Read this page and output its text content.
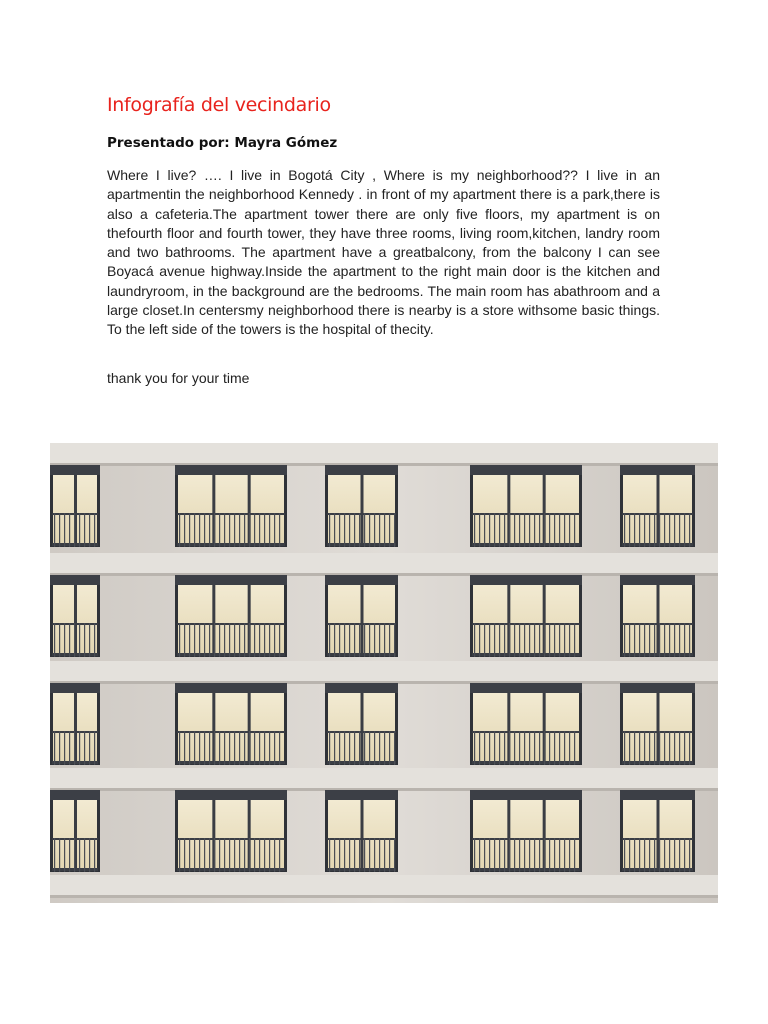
Infografía del vecindario
Presentado por: Mayra Gómez

Where I live? …. I live in Bogotá City , Where is my neighborhood?? I live in an apartmentin the neighborhood Kennedy . in front of my apartment there is a park,there is also a cafeteria.The apartment tower there are only five floors, my apartment is on thefourth floor and fourth tower, they have three rooms, living room,kitchen, landry room and two bathrooms. The apartment have a greatbalcony, from the balcony I can see Boyacá avenue highway.Inside the apartment to the right main door is the kitchen and laundryroom, in the background are the bedrooms. The main room has abathroom and a large closet.In centersmy neighborhood there is nearby is a store withsome basic things. To the left side of the towers is the hospital of thecity.

thank you for your time
